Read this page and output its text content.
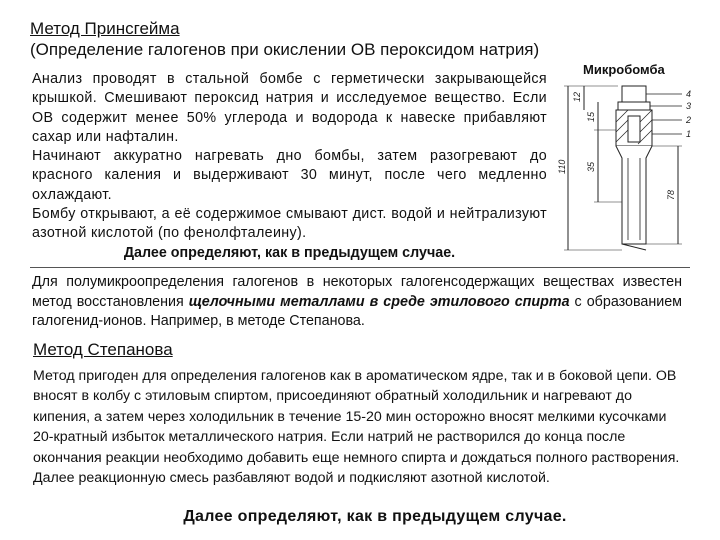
Метод Принсгейма
(Определение галогенов при окислении ОВ пероксидом натрия)

Анализ проводят в стальной бомбе с герметически закрывающейся крышкой. Смешивают пероксид натрия и исследуемое вещество. Если ОВ содержит менее 50% углерода и водорода к навеске прибавляют сахар или нафталин.

Начинают аккуратно нагревать дно бомбы, затем разогревают до красного каления и выдерживают 30 минут, после чего медленно охлаждают.

Бомбу открывают, а её содержимое смывают дист. водой и нейтрализуют азотной кислотой (по фенолфталеину).

Далее определяют, как в предыдущем случае.

Микробомба
12
15
35
78
110
4
3
2
1
Для полумикроопределения галогенов в некоторых галогенсодержащих веществах известен метод восстановления щелочными металлами в среде этилового спирта с образованием галогенид-ионов. Например, в методе Степанова.
Метод Степанова

Метод пригоден для определения галогенов как в ароматическом ядре, так и в боковой цепи. ОВ вносят в колбу с этиловым спиртом, присоединяют обратный холодильник и нагревают до кипения, а затем через холодильник в течение 15-20 мин осторожно вносят мелкими кусочками 20-кратный избыток металлического натрия. Если натрий не растворился до конца после окончания реакции необходимо добавить еще немного спирта и дождаться полного растворения.

Далее реакционную смесь разбавляют водой и подкисляют азотной кислотой.

Далее определяют, как в предыдущем случае.
